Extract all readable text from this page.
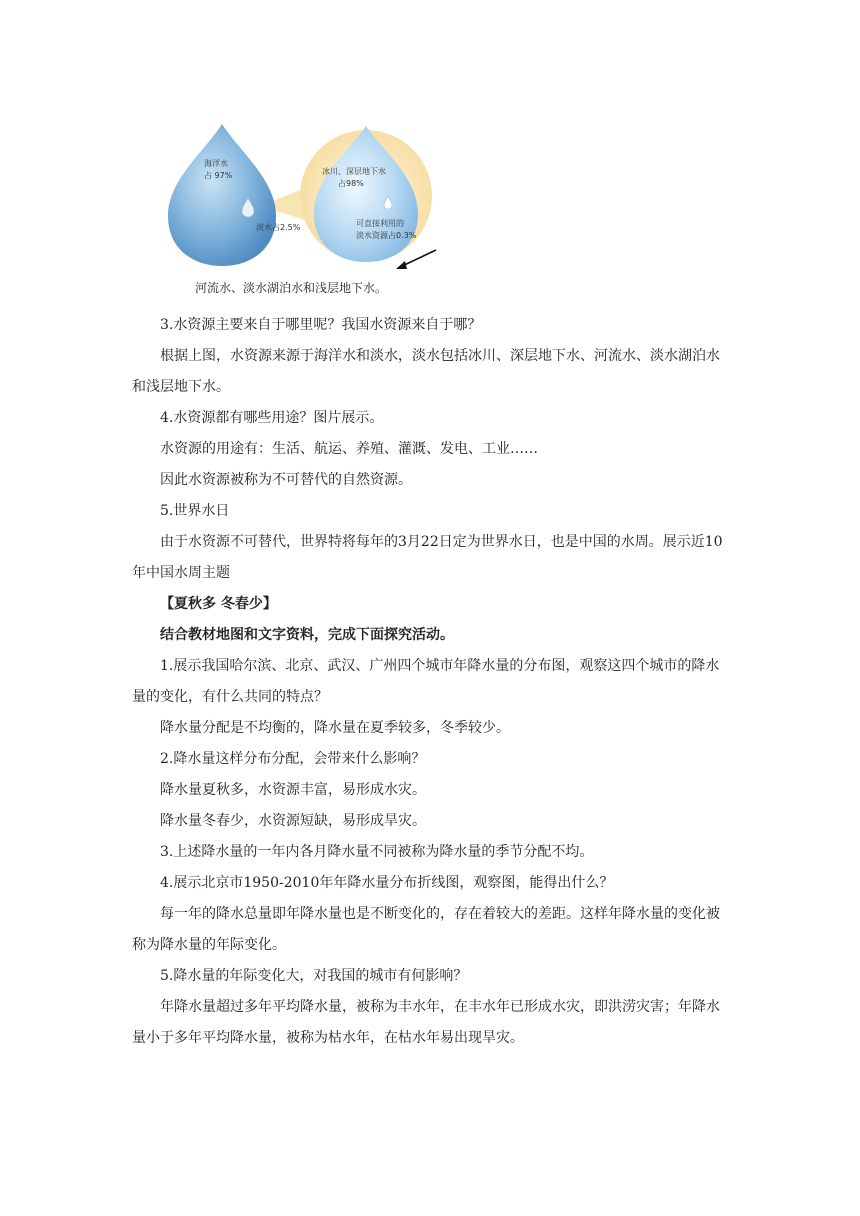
海洋水
占 97%
淡水占2.5%
冰川、深层地下水
占98%
可直接利用的
淡水资源占0.3%
河流水、淡水湖泊水和浅层地下水。

3.水资源主要来自于哪里呢？我国水资源来自于哪？

根据上图，水资源来源于海洋水和淡水，淡水包括冰川、深层地下水、河流水、淡水湖泊水和浅层地下水。

4.水资源都有哪些用途？图片展示。

水资源的用途有：生活、航运、养殖、灌溉、发电、工业……

因此水资源被称为不可替代的自然资源。

5.世界水日

由于水资源不可替代，世界特将每年的3月22日定为世界水日，也是中国的水周。展示近10年中国水周主题

【夏秋多 冬春少】

结合教材地图和文字资料，完成下面探究活动。

1.展示我国哈尔滨、北京、武汉、广州四个城市年降水量的分布图，观察这四个城市的降水量的变化，有什么共同的特点？

降水量分配是不均衡的，降水量在夏季较多，冬季较少。

2.降水量这样分布分配，会带来什么影响？

降水量夏秋多，水资源丰富，易形成水灾。

降水量冬春少，水资源短缺，易形成旱灾。

3.上述降水量的一年内各月降水量不同被称为降水量的季节分配不均。

4.展示北京市1950-2010年年降水量分布折线图，观察图，能得出什么？

每一年的降水总量即年降水量也是不断变化的，存在着较大的差距。这样年降水量的变化被称为降水量的年际变化。

5.降水量的年际变化大，对我国的城市有何影响？

年降水量超过多年平均降水量，被称为丰水年，在丰水年已形成水灾，即洪涝灾害；年降水量小于多年平均降水量，被称为枯水年，在枯水年易出现旱灾。
